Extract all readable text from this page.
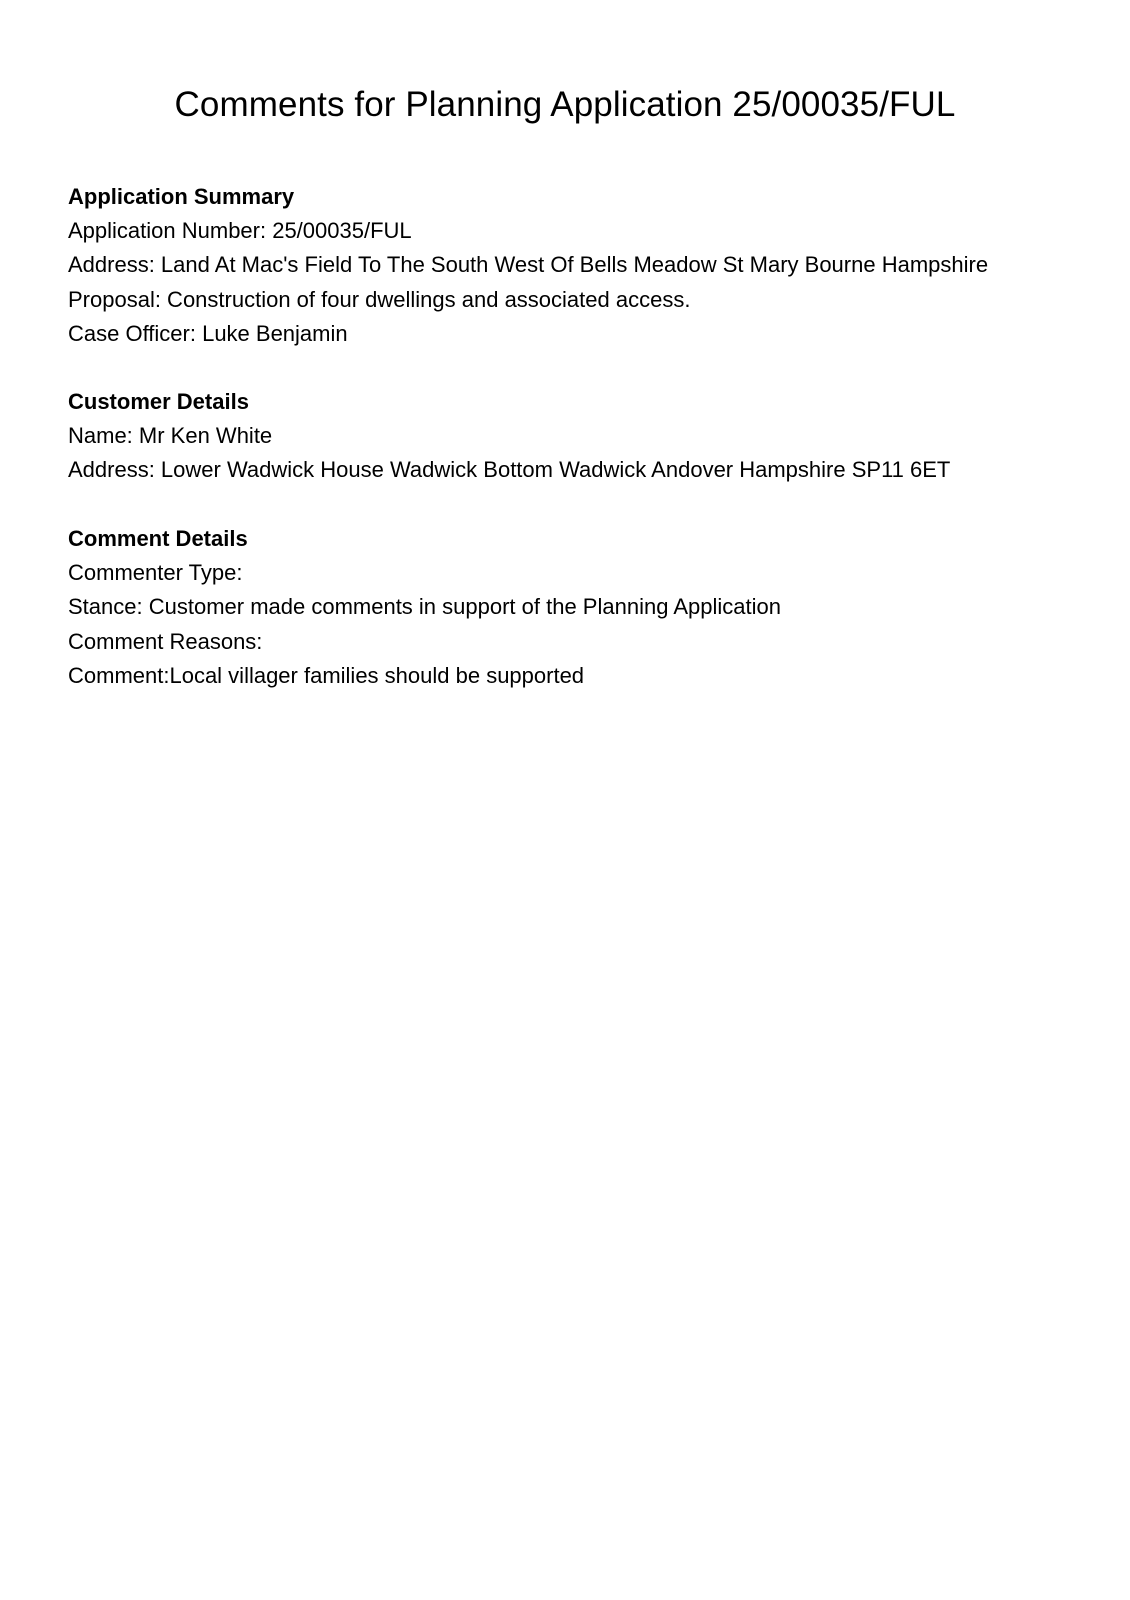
Comments for Planning Application 25/00035/FUL
Application Summary
Application Number: 25/00035/FUL
Address: Land At Mac's Field To The South West Of Bells Meadow St Mary Bourne Hampshire
Proposal: Construction of four dwellings and associated access.
Case Officer: Luke Benjamin
Customer Details
Name: Mr Ken White
Address: Lower Wadwick House Wadwick Bottom Wadwick Andover Hampshire SP11 6ET
Comment Details
Commenter Type:
Stance: Customer made comments in support of the Planning Application
Comment Reasons:
Comment:Local villager families should be supported
